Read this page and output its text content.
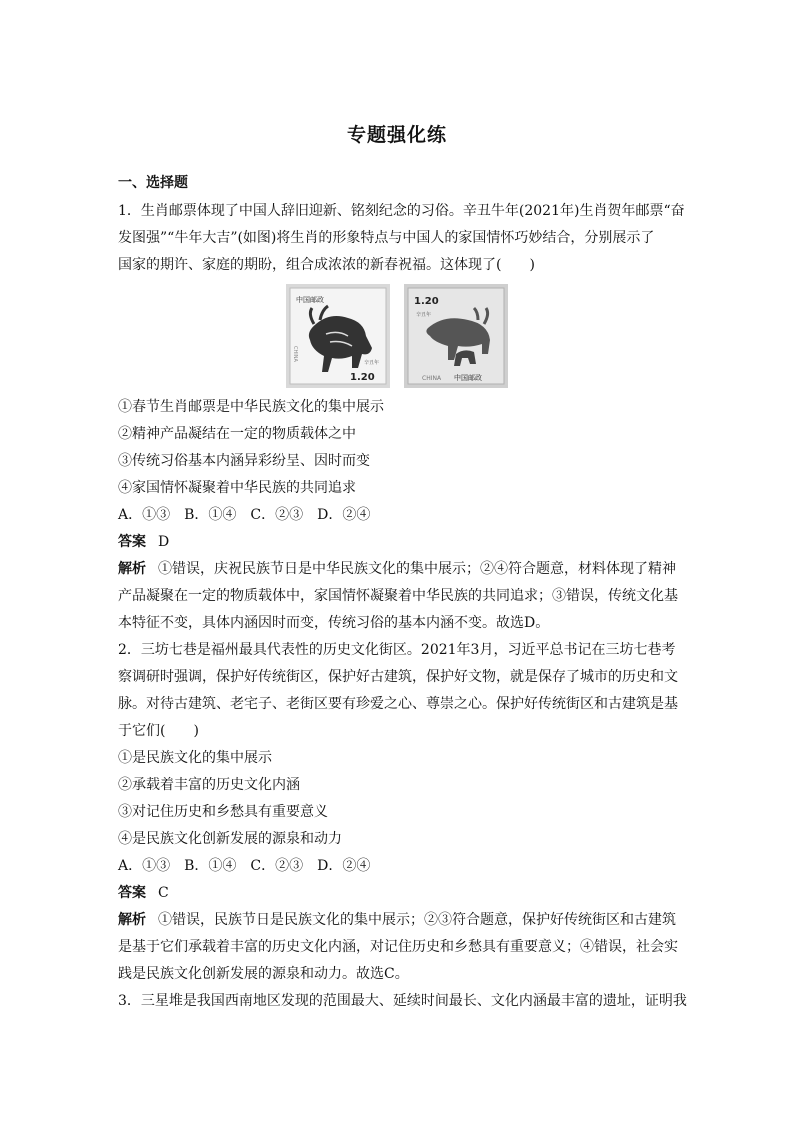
专题强化练
一、选择题
1．生肖邮票体现了中国人辞旧迎新、铭刻纪念的习俗。辛丑牛年(2021年)生肖贺年邮票“奋
发图强”“牛年大吉”(如图)将生肖的形象特点与中国人的家国情怀巧妙结合，分别展示了
国家的期许、家庭的期盼，组合成浓浓的新春祝福。这体现了(　　)
中国邮政
1.20
CHINA
辛丑年
1.20
中国邮政
CHINA
辛丑年
①春节生肖邮票是中华民族文化的集中展示
②精神产品凝结在一定的物质载体之中
③传统习俗基本内涵异彩纷呈、因时而变
④家国情怀凝聚着中华民族的共同追求
A．①③　B．①④　C．②③　D．②④
答案 D
解析 ①错误，庆祝民族节日是中华民族文化的集中展示；②④符合题意，材料体现了精神
产品凝聚在一定的物质载体中，家国情怀凝聚着中华民族的共同追求；③错误，传统文化基
本特征不变，具体内涵因时而变，传统习俗的基本内涵不变。故选D。
2．三坊七巷是福州最具代表性的历史文化街区。2021年3月，习近平总书记在三坊七巷考
察调研时强调，保护好传统街区，保护好古建筑，保护好文物，就是保存了城市的历史和文
脉。对待古建筑、老宅子、老街区要有珍爱之心、尊崇之心。保护好传统街区和古建筑是基
于它们(　　)
①是民族文化的集中展示
②承载着丰富的历史文化内涵
③对记住历史和乡愁具有重要意义
④是民族文化创新发展的源泉和动力
A．①③　B．①④　C．②③　D．②④
答案 C
解析 ①错误，民族节日是民族文化的集中展示；②③符合题意，保护好传统街区和古建筑
是基于它们承载着丰富的历史文化内涵，对记住历史和乡愁具有重要意义；④错误，社会实
践是民族文化创新发展的源泉和动力。故选C。
3．三星堆是我国西南地区发现的范围最大、延续时间最长、文化内涵最丰富的遗址，证明我
